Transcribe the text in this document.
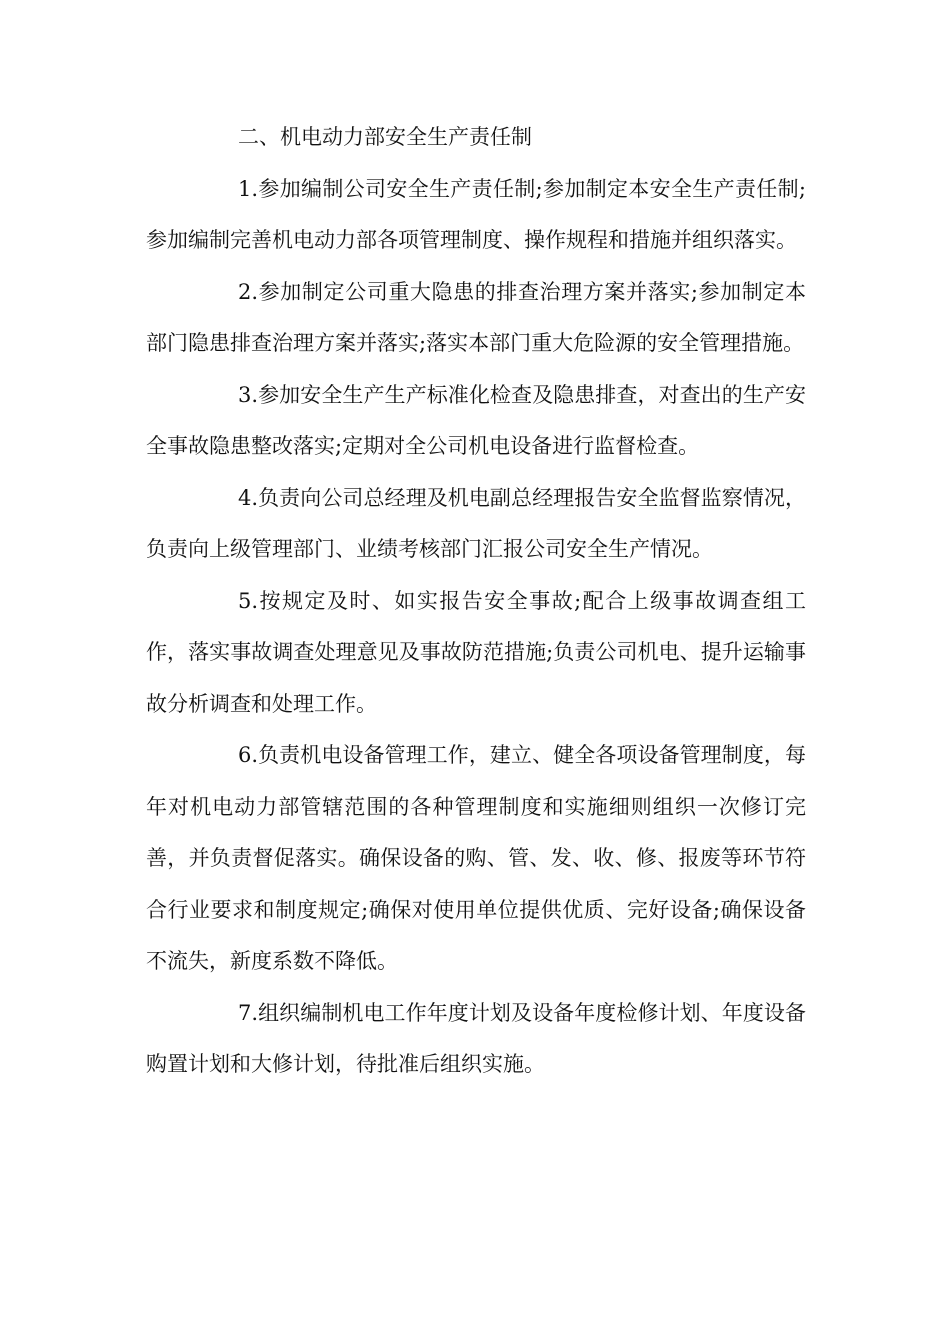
二、机电动力部安全生产责任制

1.参加编制公司安全生产责任制;参加制定本安全生产责任制;参加编制完善机电动力部各项管理制度、操作规程和措施并组织落实。

2.参加制定公司重大隐患的排查治理方案并落实;参加制定本部门隐患排查治理方案并落实;落实本部门重大危险源的安全管理措施。

3.参加安全生产生产标准化检查及隐患排查，对查出的生产安全事故隐患整改落实;定期对全公司机电设备进行监督检查。

4.负责向公司总经理及机电副总经理报告安全监督监察情况，负责向上级管理部门、业绩考核部门汇报公司安全生产情况。

5.按规定及时、如实报告安全事故;配合上级事故调查组工作，落实事故调查处理意见及事故防范措施;负责公司机电、提升运输事故分析调查和处理工作。

6.负责机电设备管理工作，建立、健全各项设备管理制度，每年对机电动力部管辖范围的各种管理制度和实施细则组织一次修订完善，并负责督促落实。确保设备的购、管、发、收、修、报废等环节符合行业要求和制度规定;确保对使用单位提供优质、完好设备;确保设备不流失，新度系数不降低。

7.组织编制机电工作年度计划及设备年度检修计划、年度设备购置计划和大修计划，待批准后组织实施。
